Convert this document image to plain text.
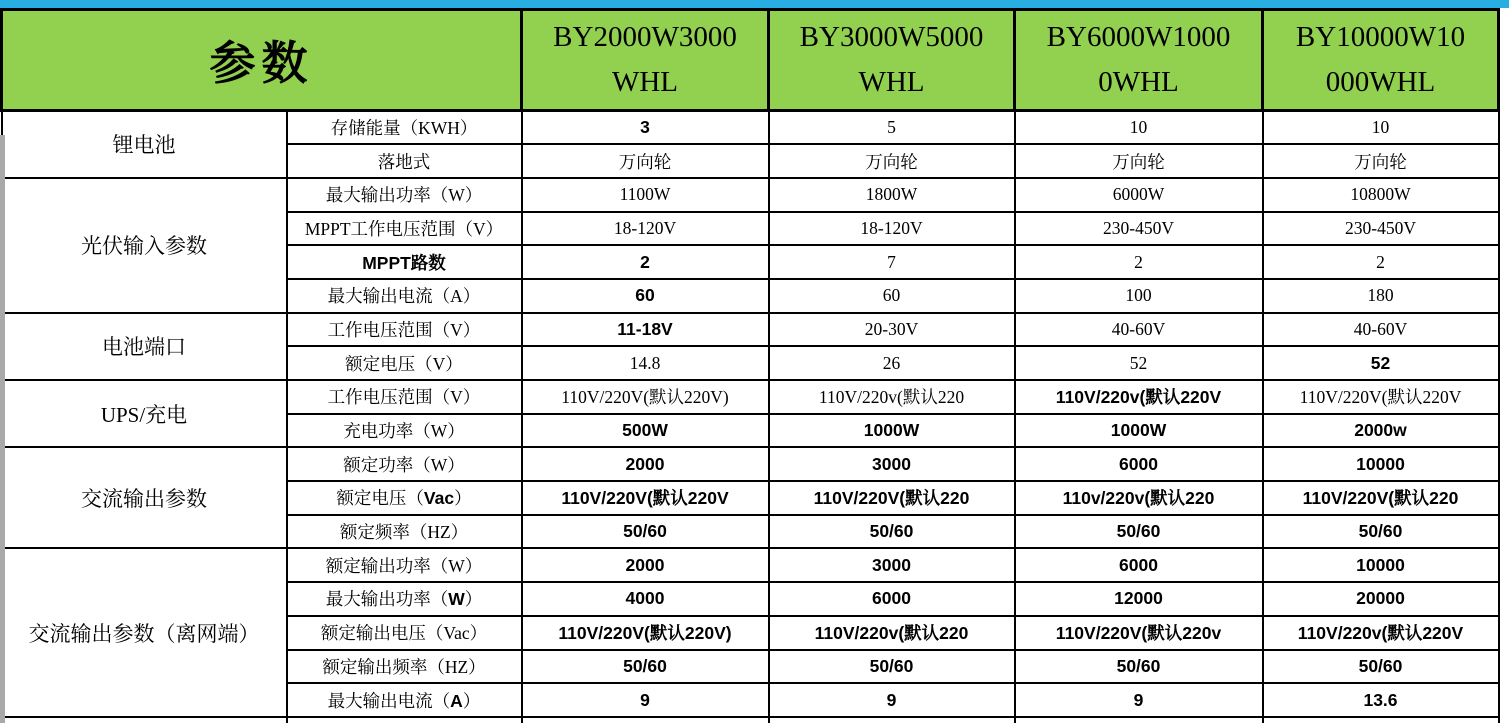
参数		BY2000W3000WHL	BY3000W5000WHL	BY6000W10000WHL	BY10000W10000WHL
锂电池	存储能量（KWH）	3	5	10	10
	落地式	万向轮	万向轮	万向轮	万向轮
光伏输入参数	最大输出功率（W）	1100W	1800W	6000W	10800W
	MPPT工作电压范围（V）	18-120V	18-120V	230-450V	230-450V
	MPPT路数	2	7	2	2
	最大输出电流（A）	60	60	100	180
电池端口	工作电压范围（V）	11-18V	20-30V	40-60V	40-60V
	额定电压（V）	14.8	26	52	52
UPS/充电	工作电压范围（V）	110V/220V(默认220V)	110V/220v(默认220	110V/220v(默认220V	110V/220V(默认220V
	充电功率（W）	500W	1000W	1000W	2000w
交流输出参数	额定功率（W）	2000	3000	6000	10000
	额定电压（Vac）	110V/220V(默认220V	110V/220V(默认220	110v/220v(默认220	110V/220V(默认220
	额定频率（HZ）	50/60	50/60	50/60	50/60
交流输出参数（离网端）	额定输出功率（W）	2000	3000	6000	10000
	最大输出功率（W）	4000	6000	12000	20000
	额定输出电压（Vac）	110V/220V(默认220V)	110V/220v(默认220	110V/220V(默认220v	110V/220v(默认220V
	额定输出频率（HZ）	50/60	50/60	50/60	50/60
	最大输出电流（A）	9	9	9	13.6
